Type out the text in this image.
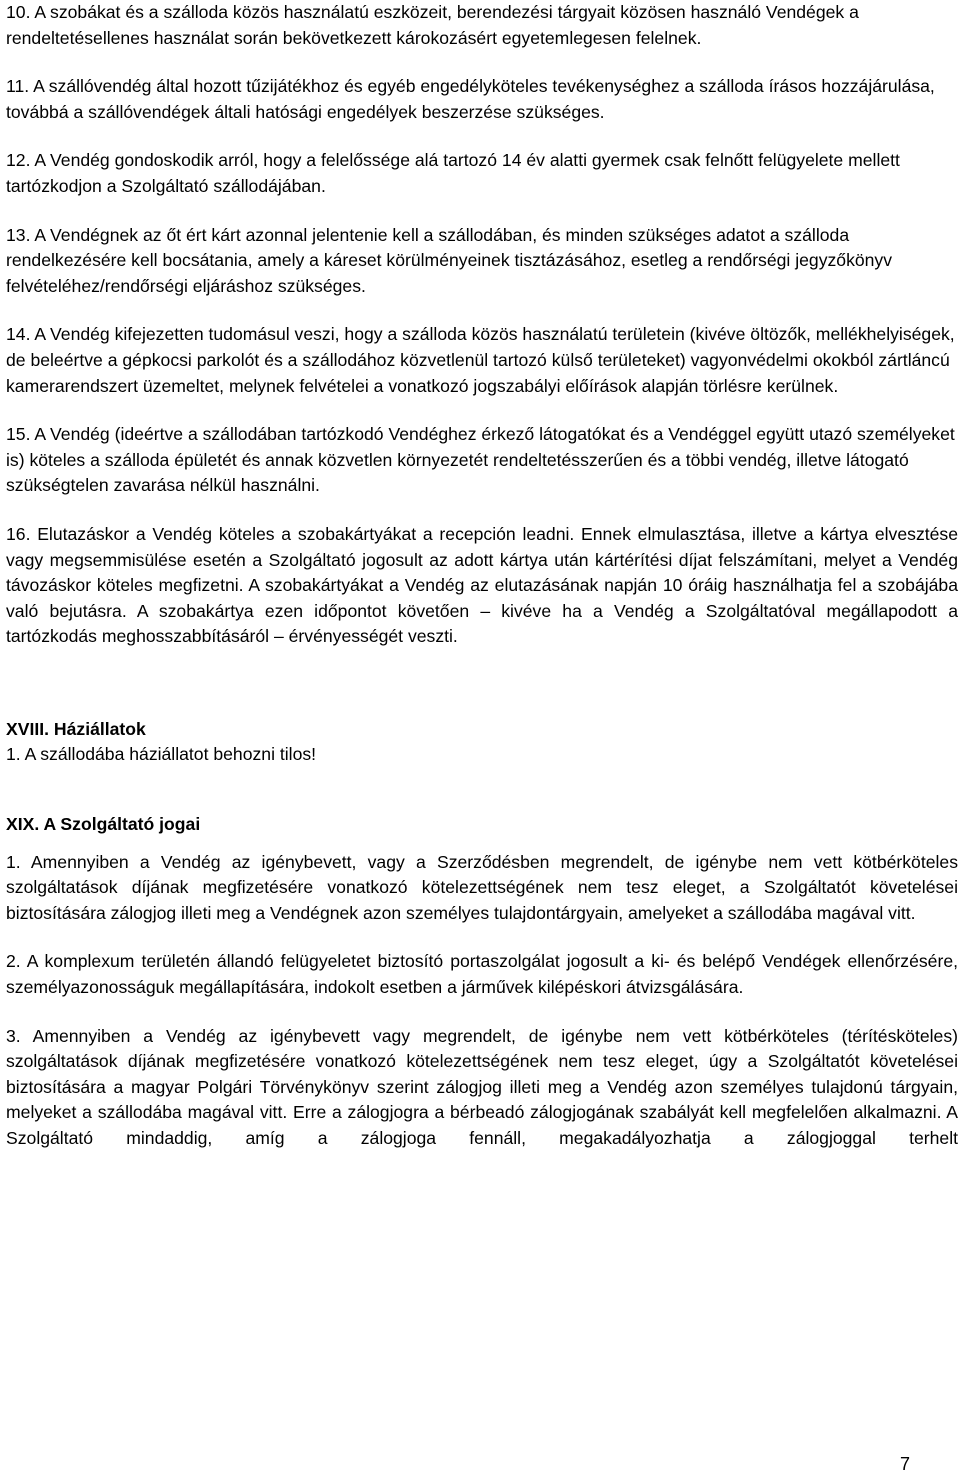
10. A szobákat és a szálloda közös használatú eszközeit, berendezési tárgyait közösen használó Vendégek a rendeltetésellenes használat során bekövetkezett károkozásért egyetemlegesen felelnek.

11. A szállóvendég által hozott tűzijátékhoz és egyéb engedélyköteles tevékenységhez a szálloda írásos hozzájárulása, továbbá a szállóvendégek általi hatósági engedélyek beszerzése szükséges.

12. A Vendég gondoskodik arról, hogy a felelőssége alá tartozó 14 év alatti gyermek csak felnőtt felügyelete mellett tartózkodjon a Szolgáltató szállodájában.

13. A Vendégnek az őt ért kárt azonnal jelentenie kell a szállodában, és minden szükséges adatot a szálloda rendelkezésére kell bocsátania, amely a káreset körülményeinek tisztázásához, esetleg a rendőrségi jegyzőkönyv felvételéhez/rendőrségi eljáráshoz szükséges.

14. A Vendég kifejezetten tudomásul veszi, hogy a szálloda közös használatú területein (kivéve öltözők, mellékhelyiségek, de beleértve a gépkocsi parkolót és a szállodához közvetlenül tartozó külső területeket) vagyonvédelmi okokból zártláncú kamerarendszert üzemeltet, melynek felvételei a vonatkozó jogszabályi előírások alapján törlésre kerülnek.

15. A Vendég (ideértve a szállodában tartózkodó Vendéghez érkező látogatókat és a Vendéggel együtt utazó személyeket is) köteles a szálloda épületét és annak közvetlen környezetét rendeltetésszerűen és a többi vendég, illetve látogató szükségtelen zavarása nélkül használni.

16. Elutazáskor a Vendég köteles a szobakártyákat a recepción leadni. Ennek elmulasztása, illetve a kártya elvesztése vagy megsemmisülése esetén a Szolgáltató jogosult az adott kártya után kártérítési díjat felszámítani, melyet a Vendég távozáskor köteles megfizetni. A szobakártyákat a Vendég az elutazásának napján 10 óráig használhatja fel a szobájába való bejutásra. A szobakártya ezen időpontot követően – kivéve ha a Vendég a Szolgáltatóval megállapodott a tartózkodás meghosszabbításáról – érvényességét veszti.

XVIII. Háziállatok

1. A szállodába háziállatot behozni tilos!

XIX. A Szolgáltató jogai

1. Amennyiben a Vendég az igénybevett, vagy a Szerződésben megrendelt, de igénybe nem vett kötbérköteles szolgáltatások díjának megfizetésére vonatkozó kötelezettségének nem tesz eleget, a Szolgáltatót követelései biztosítására zálogjog illeti meg a Vendégnek azon személyes tulajdontárgyain, amelyeket a szállodába magával vitt.

2. A komplexum területén állandó felügyeletet biztosító portaszolgálat jogosult a ki- és belépő Vendégek ellenőrzésére, személyazonosságuk megállapítására, indokolt esetben a járművek kilépéskori átvizsgálására.

3. Amennyiben a Vendég az igénybevett vagy megrendelt, de igénybe nem vett kötbérköteles (térítésköteles) szolgáltatások díjának megfizetésére vonatkozó kötelezettségének nem tesz eleget, úgy a Szolgáltatót követelései biztosítására a magyar Polgári Törvénykönyv szerint zálogjog illeti meg a Vendég azon személyes tulajdonú tárgyain, melyeket a szállodába magával vitt. Erre a zálogjogra a bérbeadó zálogjogának szabályát kell megfelelően alkalmazni. A Szolgáltató mindaddig, amíg a zálogjoga fennáll, megakadályozhatja a zálogjoggal terhelt

7
